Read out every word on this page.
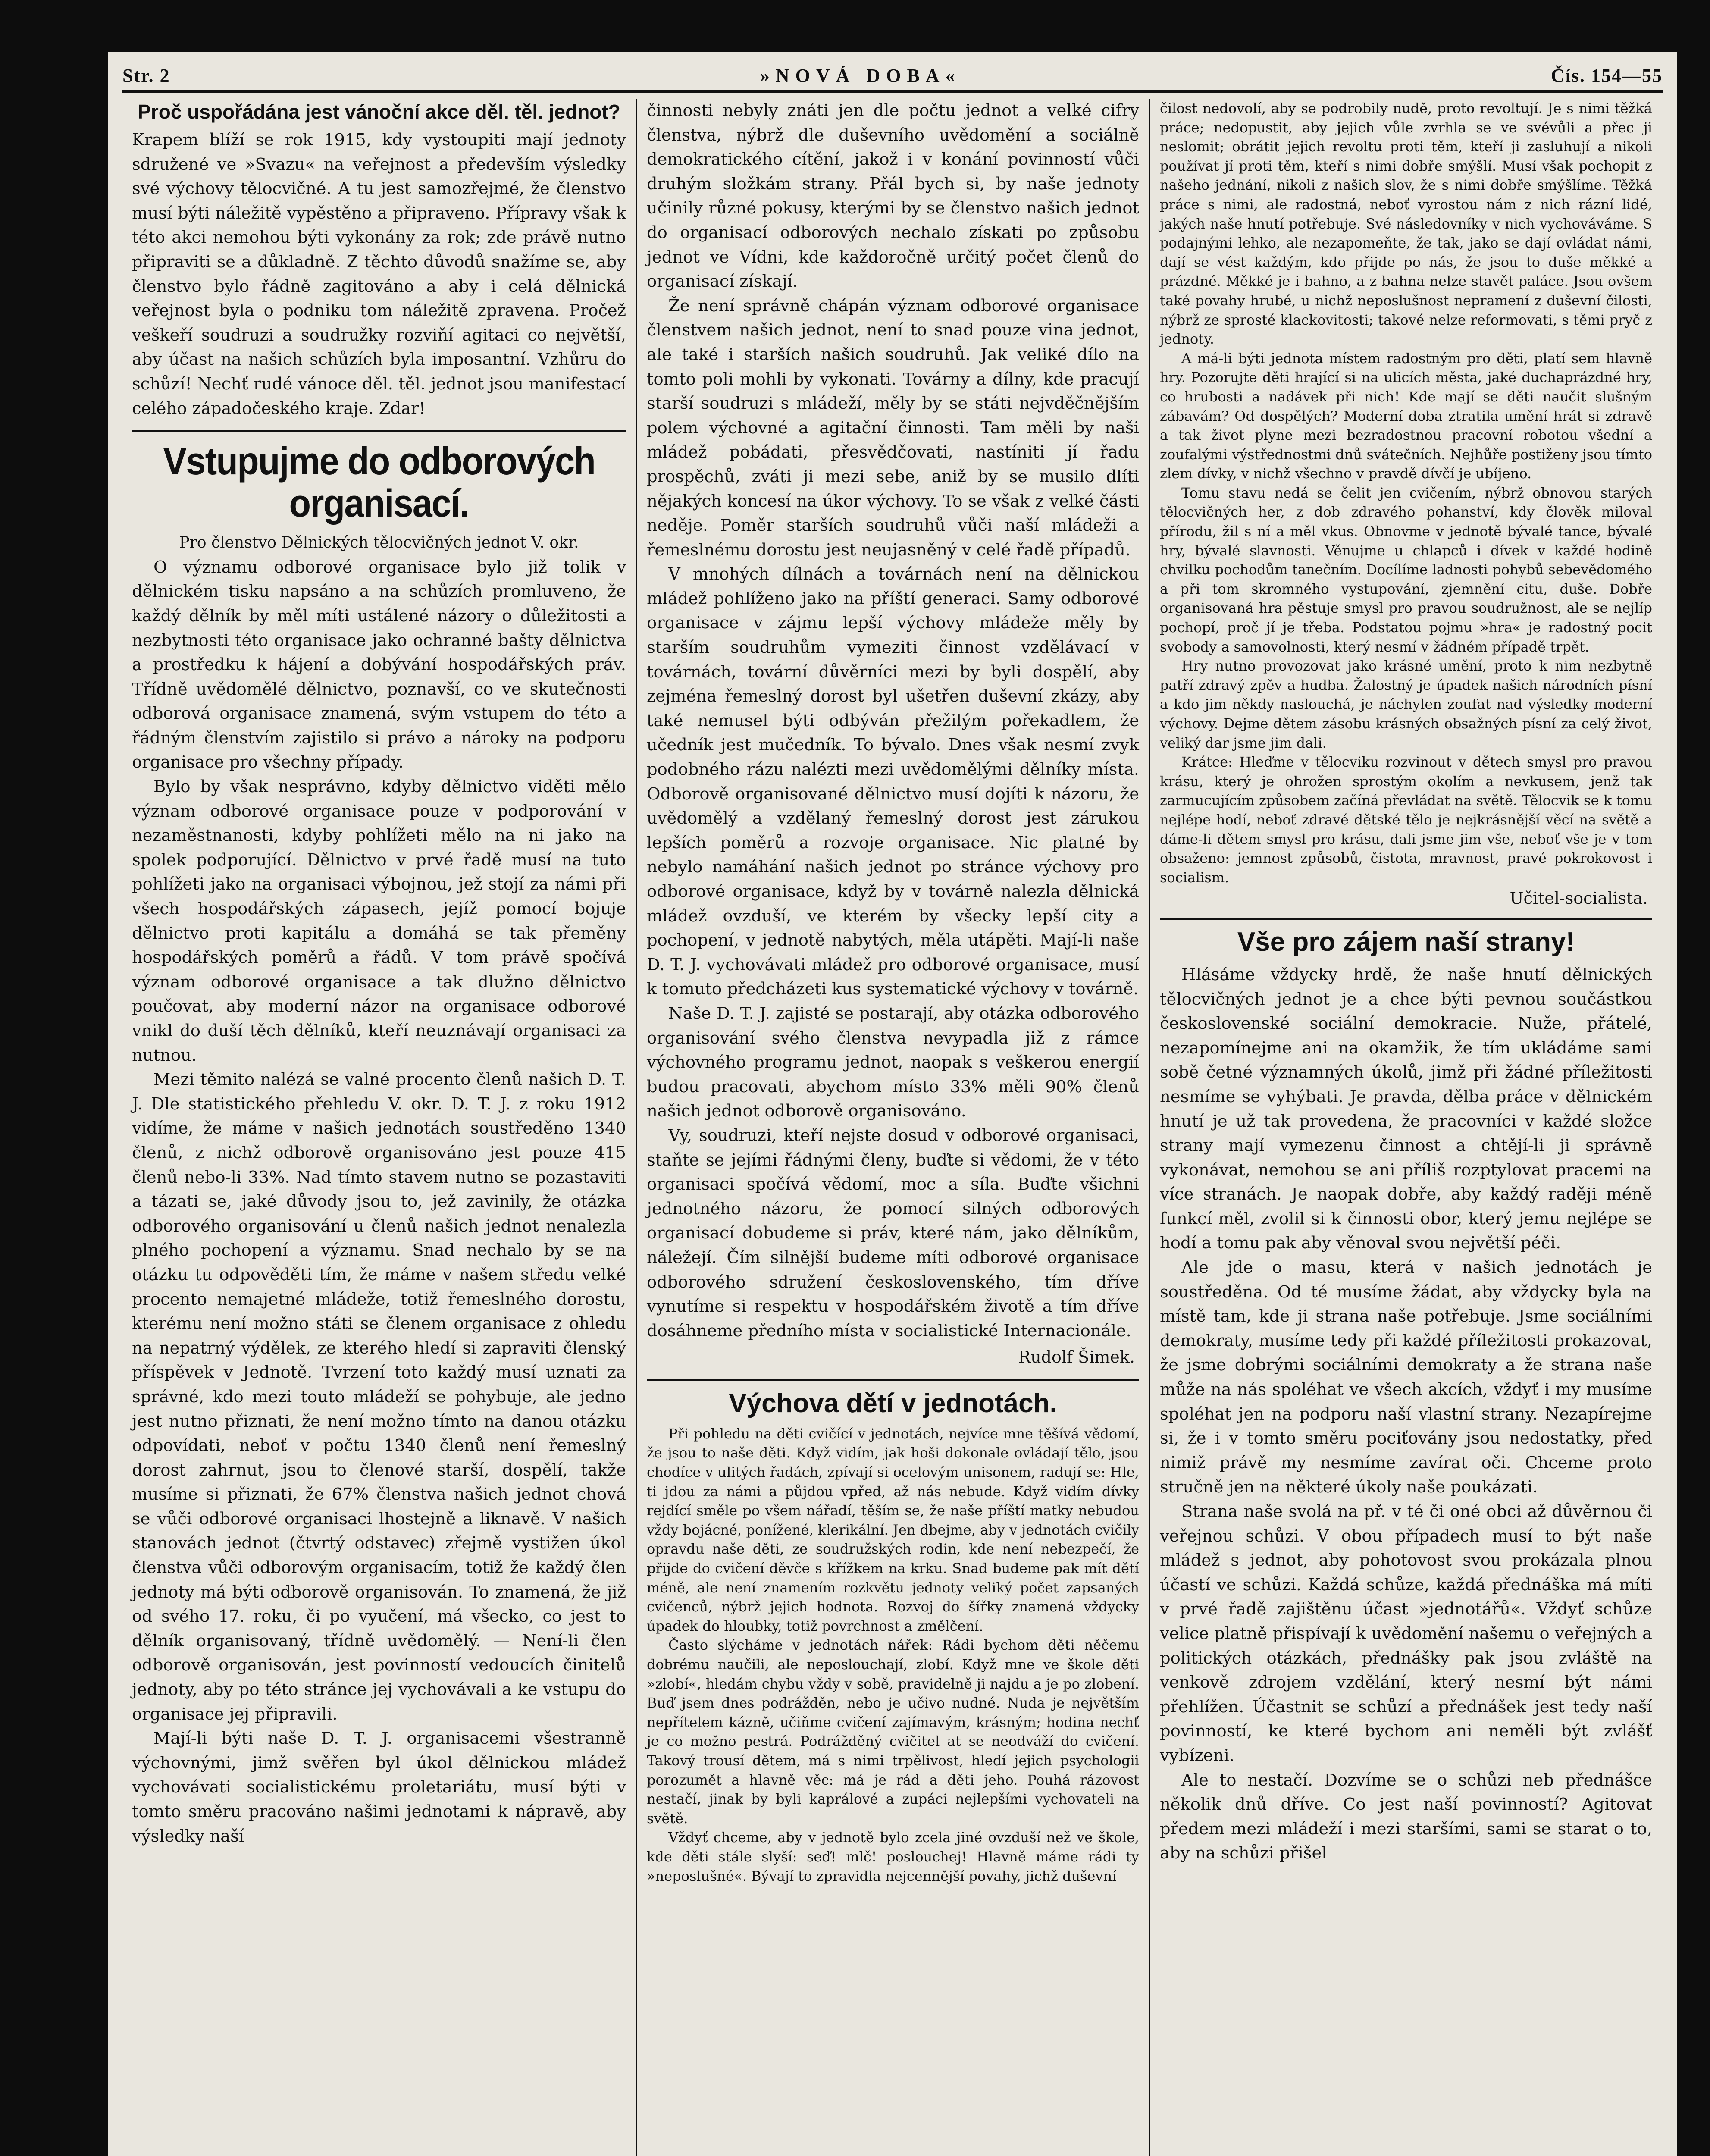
Str. 2	»NOVÁ DOBA«	Čís. 154—55
Proč uspořádána jest vánoční akce děl. těl. jednot?

Krapem blíží se rok 1915, kdy vystoupiti mají jednoty sdružené ve »Svazu« na veřejnost a především výsledky své výchovy tělocvičné. A tu jest samozřejmé, že členstvo musí býti náležitě vypěstěno a připraveno. Přípravy však k této akci nemohou býti vykonány za rok; zde právě nutno připraviti se a důkladně. Z těchto důvodů snažíme se, aby členstvo bylo řádně zagitováno a aby i celá dělnická veřejnost byla o podniku tom náležitě zpravena. Pročež veškeří soudruzi a soudružky rozviňí agitaci co největší, aby účast na našich schůzích byla imposantní. Vzhůru do schůzí! Nechť rudé vánoce děl. těl. jednot jsou manifestací celého západočeského kraje. Zdar!

Vstupujme do odborových organisací.

Pro členstvo Dělnických tělocvičných jednot V. okr.

O významu odborové organisace bylo již tolik v dělnickém tisku napsáno a na schůzích promluveno, že každý dělník by měl míti ustálené názory o důležitosti a nezbytnosti této organisace jako ochranné bašty dělnictva a prostředku k hájení a dobývání hospodářských práv. Třídně uvědomělé dělnictvo, poznavší, co ve skutečnosti odborová organisace znamená, svým vstupem do této a řádným členstvím zajistilo si právo a nároky na podporu organisace pro všechny případy.

Bylo by však nesprávno, kdyby dělnictvo viděti mělo význam odborové organisace pouze v podporování v nezaměstnanosti, kdyby pohlížeti mělo na ni jako na spolek podporující. Dělnictvo v prvé řadě musí na tuto pohlížeti jako na organisaci výbojnou, jež stojí za námi při všech hospodářských zápasech, jejíž pomocí bojuje dělnictvo proti kapitálu a domáhá se tak přeměny hospodářských poměrů a řádů. V tom právě spočívá význam odborové organisace a tak dlužno dělnictvo poučovat, aby moderní názor na organisace odborové vnikl do duší těch dělníků, kteří neuznávají organisaci za nutnou.

Mezi těmito nalézá se valné procento členů našich D. T. J. Dle statistického přehledu V. okr. D. T. J. z roku 1912 vidíme, že máme v našich jednotách soustředěno 1340 členů, z nichž odborově organisováno jest pouze 415 členů nebo-li 33%. Nad tímto stavem nutno se pozastaviti a tázati se, jaké důvody jsou to, jež zavinily, že otázka odborového organisování u členů našich jednot nenalezla plného pochopení a významu. Snad nechalo by se na otázku tu odpověděti tím, že máme v našem středu velké procento nemajetné mládeže, totiž řemeslného dorostu, kterému není možno státi se členem organisace z ohledu na nepatrný výdělek, ze kterého hledí si zapraviti členský příspěvek v Jednotě. Tvrzení toto každý musí uznati za správné, kdo mezi touto mládeží se pohybuje, ale jedno jest nutno přiznati, že není možno tímto na danou otázku odpovídati, neboť v počtu 1340 členů není řemeslný dorost zahrnut, jsou to členové starší, dospělí, takže musíme si přiznati, že 67% členstva našich jednot chová se vůči odborové organisaci lhostejně a liknavě. V našich stanovách jednot (čtvrtý odstavec) zřejmě vystižen úkol členstva vůči odborovým organisacím, totiž že každý člen jednoty má býti odborově organisován. To znamená, že již od svého 17. roku, či po vyučení, má všecko, co jest to dělník organisovaný, třídně uvědomělý. — Není-li člen odborově organisován, jest povinností vedoucích činitelů jednoty, aby po této stránce jej vychovávali a ke vstupu do organisace jej připravili.

Mají-li býti naše D. T. J. organisacemi všestranně výchovnými, jimž svěřen byl úkol dělnickou mládež vychovávati socialistickému proletariátu, musí býti v tomto směru pracováno našimi jednotami k nápravě, aby výsledky naší

činnosti nebyly znáti jen dle počtu jednot a velké cifry členstva, nýbrž dle duševního uvědomění a sociálně demokratického cítění, jakož i v konání povinností vůči druhým složkám strany. Přál bych si, by naše jednoty učinily různé pokusy, kterými by se členstvo našich jednot do organisací odborových nechalo získati po způsobu jednot ve Vídni, kde každoročně určitý počet členů do organisací získají.

Že není správně chápán význam odborové organisace členstvem našich jednot, není to snad pouze vina jednot, ale také i starších našich soudruhů. Jak veliké dílo na tomto poli mohli by vykonati. Továrny a dílny, kde pracují starší soudruzi s mládeží, měly by se státi nejvděčnějším polem výchovné a agitační činnosti. Tam měli by naši mládež pobádati, přesvědčovati, nastíniti jí řadu prospěchů, zváti ji mezi sebe, aniž by se musilo dlíti nějakých koncesí na úkor výchovy. To se však z velké části neděje. Poměr starších soudruhů vůči naší mládeži a řemeslnému dorostu jest neujasněný v celé řadě případů.

V mnohých dílnách a továrnách není na dělnickou mládež pohlíženo jako na příští generaci. Samy odborové organisace v zájmu lepší výchovy mládeže měly by starším soudruhům vymeziti činnost vzdělávací v továrnách, tovární důvěrníci mezi by byli dospělí, aby zejména řemeslný dorost byl ušetřen duševní zkázy, aby také nemusel býti odbýván přežilým pořekadlem, že učedník jest mučedník. To bývalo. Dnes však nesmí zvyk podobného rázu nalézti mezi uvědomělými dělníky místa. Odborově organisované dělnictvo musí dojíti k názoru, že uvědomělý a vzdělaný řemeslný dorost jest zárukou lepších poměrů a rozvoje organisace. Nic platné by nebylo namáhání našich jednot po stránce výchovy pro odborové organisace, když by v továrně nalezla dělnická mládež ovzduší, ve kterém by všecky lepší city a pochopení, v jednotě nabytých, měla utápěti. Mají-li naše D. T. J. vychovávati mládež pro odborové organisace, musí k tomuto předcházeti kus systematické výchovy v továrně.

Naše D. T. J. zajisté se postarají, aby otázka odborového organisování svého členstva nevypadla již z rámce výchovného programu jednot, naopak s veškerou energií budou pracovati, abychom místo 33% měli 90% členů našich jednot odborově organisováno.

Vy, soudruzi, kteří nejste dosud v odborové organisaci, staňte se jejími řádnými členy, buďte si vědomi, že v této organisaci spočívá vědomí, moc a síla. Buďte všichni jednotného názoru, že pomocí silných odborových organisací dobudeme si práv, které nám, jako dělníkům, náležejí. Čím silnější budeme míti odborové organisace odborového sdružení československého, tím dříve vynutíme si respektu v hospodářském životě a tím dříve dosáhneme předního místa v socialistické Internacionále.

Rudolf Šimek.
Výchova dětí v jednotách.

Při pohledu na děti cvičící v jednotách, nejvíce mne těšívá vědomí, že jsou to naše děti. Když vidím, jak hoši dokonale ovládají tělo, jsou chodíce v ulitých řadách, zpívají si ocelovým unisonem, radují se: Hle, ti jdou za námi a půjdou vpřed, až nás nebude. Když vidím dívky rejdící směle po všem nářadí, těším se, že naše příští matky nebudou vždy bojácné, ponížené, klerikální. Jen dbejme, aby v jednotách cvičily opravdu naše děti, ze soudružských rodin, kde není nebezpečí, že přijde do cvičení děvče s křížkem na krku. Snad budeme pak mít dětí méně, ale není znamením rozkvětu jednoty veliký počet zapsaných cvičenců, nýbrž jejich hodnota. Rozvoj do šířky znamená vždycky úpadek do hloubky, totiž povrchnost a změlčení.

Často slýcháme v jednotách nářek: Rádi bychom děti něčemu dobrému naučili, ale neposlouchají, zlobí. Když mne ve škole děti »zlobí«, hledám chybu vždy v sobě, pravidelně ji najdu a je po zlobení. Buď jsem dnes podrážděn, nebo je učivo nudné. Nuda je největším nepřítelem kázně, učiňme cvičení zajímavým, krásným; hodina nechť je co možno pestrá. Podrážděný cvičitel at se neodváží do cvičení. Takový trousí dětem, má s nimi trpělivost, hledí jejich psychologii porozumět a hlavně věc: má je rád a děti jeho. Pouhá rázovost nestačí, jinak by byli kaprálové a zupáci nejlepšími vychovateli na světě.

Vždyť chceme, aby v jednotě bylo zcela jiné ovzduší než ve škole, kde děti stále slyší: seď! mlč! poslouchej! Hlavně máme rádi ty »neposlušné«. Bývají to zpravidla nejcennější povahy, jichž duševní

čilost nedovolí, aby se podrobily nudě, proto revoltují. Je s nimi těžká práce; nedopustit, aby jejich vůle zvrhla se ve svévůli a přec ji neslomit; obrátit jejich revoltu proti těm, kteří ji zasluhují a nikoli používat jí proti těm, kteří s nimi dobře smýšlí. Musí však pochopit z našeho jednání, nikoli z našich slov, že s nimi dobře smýšlíme. Těžká práce s nimi, ale radostná, neboť vyrostou nám z nich rázní lidé, jakých naše hnutí potřebuje. Své následovníky v nich vychováváme. S podajnými lehko, ale nezapomeňte, že tak, jako se dají ovládat námi, dají se vést každým, kdo přijde po nás, že jsou to duše měkké a prázdné. Měkké je i bahno, a z bahna nelze stavět paláce. Jsou ovšem také povahy hrubé, u nichž neposlušnost nepramení z duševní čilosti, nýbrž ze sprosté klackovitosti; takové nelze reformovati, s těmi pryč z jednoty.

A má-li býti jednota místem radostným pro děti, platí sem hlavně hry. Pozorujte děti hrající si na ulicích města, jaké duchaprázdné hry, co hrubosti a nadávek při nich! Kde mají se děti naučit slušným zábavám? Od dospělých? Moderní doba ztratila umění hrát si zdravě a tak život plyne mezi bezradostnou pracovní robotou všední a zoufalými výstřednostmi dnů svátečních. Nejhůře postiženy jsou tímto zlem dívky, v nichž všechno v pravdě dívčí je ubíjeno.

Tomu stavu nedá se čelit jen cvičením, nýbrž obnovou starých tělocvičných her, z dob zdravého pohanství, kdy člověk miloval přírodu, žil s ní a měl vkus. Obnovme v jednotě bývalé tance, bývalé hry, bývalé slavnosti. Věnujme u chlapců i dívek v každé hodině chvilku pochodům tanečním. Docílíme ladnosti pohybů sebevědomého a při tom skromného vystupování, zjemnění citu, duše. Dobře organisovaná hra pěstuje smysl pro pravou soudružnost, ale se nejlíp pochopí, proč jí je třeba. Podstatou pojmu »hra« je radostný pocit svobody a samovolnosti, který nesmí v žádném případě trpět.

Hry nutno provozovat jako krásné umění, proto k nim nezbytně patří zdravý zpěv a hudba. Žalostný je úpadek našich národních písní a kdo jim někdy naslouchá, je náchylen zoufat nad výsledky moderní výchovy. Dejme dětem zásobu krásných obsažných písní za celý život, veliký dar jsme jim dali.

Krátce: Hleďme v tělocviku rozvinout v dětech smysl pro pravou krásu, který je ohrožen sprostým okolím a nevkusem, jenž tak zarmucujícím způsobem začíná převládat na světě. Tělocvik se k tomu nejlépe hodí, neboť zdravé dětské tělo je nejkrásnější věcí na světě a dáme-li dětem smysl pro krásu, dali jsme jim vše, neboť vše je v tom obsaženo: jemnost způsobů, čistota, mravnost, pravé pokrokovost i socialism.

Učitel-socialista.
Vše pro zájem naší strany!

Hlásáme vždycky hrdě, že naše hnutí dělnických tělocvičných jednot je a chce býti pevnou součástkou československé sociální demokracie. Nuže, přátelé, nezapomínejme ani na okamžik, že tím ukládáme sami sobě četné významných úkolů, jimž při žádné příležitosti nesmíme se vyhýbati. Je pravda, dělba práce v dělnickém hnutí je už tak provedena, že pracovníci v každé složce strany mají vymezenu činnost a chtějí-li ji správně vykonávat, nemohou se ani příliš rozptylovat pracemi na více stranách. Je naopak dobře, aby každý raději méně funkcí měl, zvolil si k činnosti obor, který jemu nejlépe se hodí a tomu pak aby věnoval svou největší péči.

Ale jde o masu, která v našich jednotách je soustředěna. Od té musíme žádat, aby vždycky byla na místě tam, kde ji strana naše potřebuje. Jsme sociálními demokraty, musíme tedy při každé příležitosti prokazovat, že jsme dobrými sociálními demokraty a že strana naše může na nás spoléhat ve všech akcích, vždyť i my musíme spoléhat jen na podporu naší vlastní strany. Nezapírejme si, že i v tomto směru pociťovány jsou nedostatky, před nimiž právě my nesmíme zavírat oči. Chceme proto stručně jen na některé úkoly naše poukázati.

Strana naše svolá na př. v té či oné obci až důvěrnou či veřejnou schůzi. V obou případech musí to být naše mládež s jednot, aby pohotovost svou prokázala plnou účastí ve schůzi. Každá schůze, každá přednáška má míti v prvé řadě zajištěnu účast »jednotářů«. Vždyť schůze velice platně přispívají k uvědomění našemu o veřejných a politických otázkách, přednášky pak jsou zvláště na venkově zdrojem vzdělání, který nesmí být námi přehlížen. Účastnit se schůzí a přednášek jest tedy naší povinností, ke které bychom ani neměli být zvlášť vybízeni.

Ale to nestačí. Dozvíme se o schůzi neb přednášce několik dnů dříve. Co jest naší povinností? Agitovat předem mezi mládeží i mezi staršími, sami se starat o to, aby na schůzi přišel
